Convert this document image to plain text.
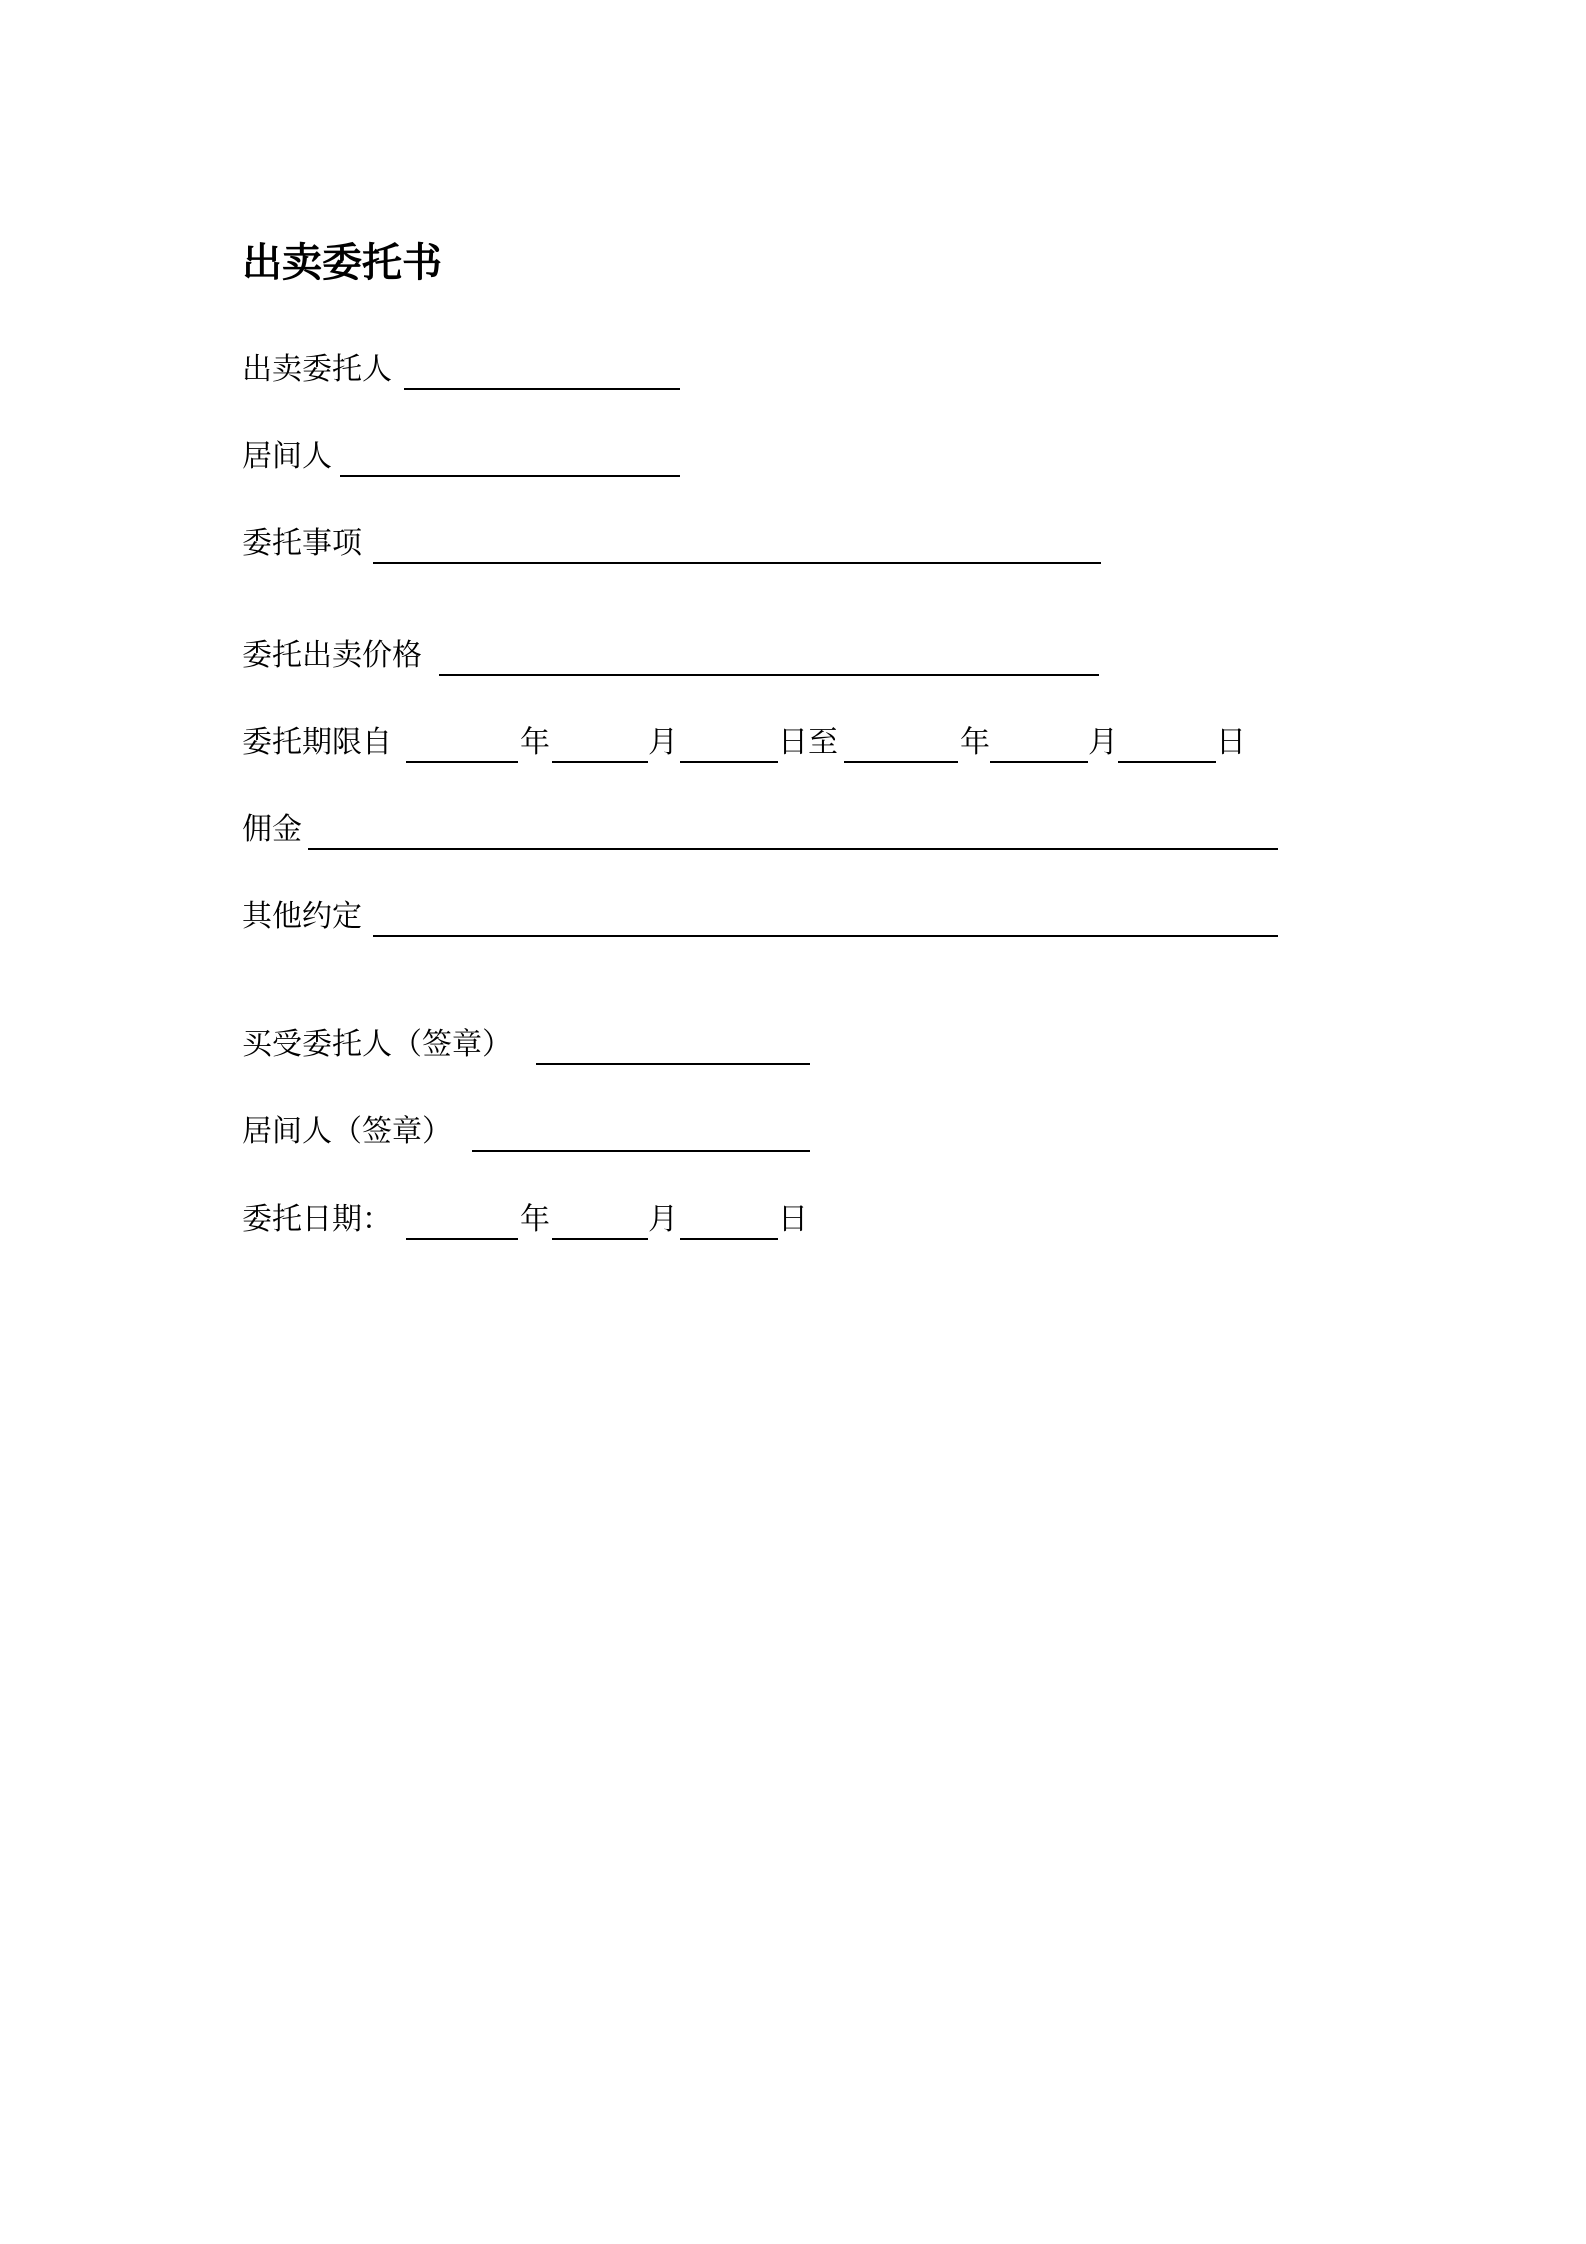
出卖委托书
出卖委托人
居间人
委托事项
委托出卖价格
委托期限自	年	月	日至	年	月	日
佣金
其他约定
买受委托人（签章）
居间人（签章）
委托日期：	年	月	日
